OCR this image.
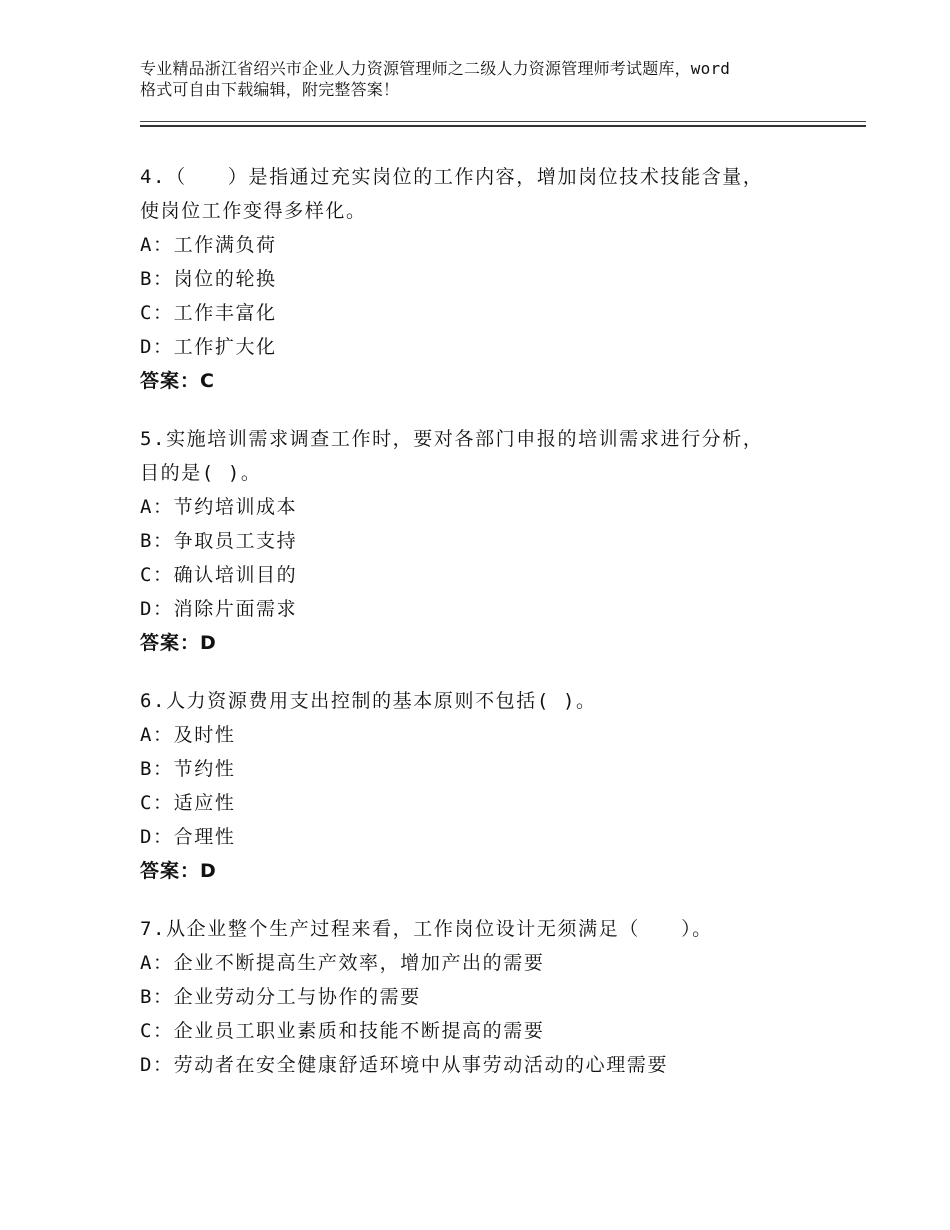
专业精品浙江省绍兴市企业人力资源管理师之二级人力资源管理师考试题库，word
格式可自由下载编辑，附完整答案！
4.（　　）是指通过充实岗位的工作内容，增加岗位技术技能含量，
使岗位工作变得多样化。
A：工作满负荷
B：岗位的轮换
C：工作丰富化
D：工作扩大化
答案：C
5.实施培训需求调查工作时，要对各部门申报的培训需求进行分析，
目的是( )。
A：节约培训成本
B：争取员工支持
C：确认培训目的
D：消除片面需求
答案：D
6.人力资源费用支出控制的基本原则不包括( )。
A：及时性
B：节约性
C：适应性
D：合理性
答案：D
7.从企业整个生产过程来看，工作岗位设计无须满足（　　）。
A：企业不断提高生产效率，增加产出的需要
B：企业劳动分工与协作的需要
C：企业员工职业素质和技能不断提高的需要
D：劳动者在安全健康舒适环境中从事劳动活动的心理需要
